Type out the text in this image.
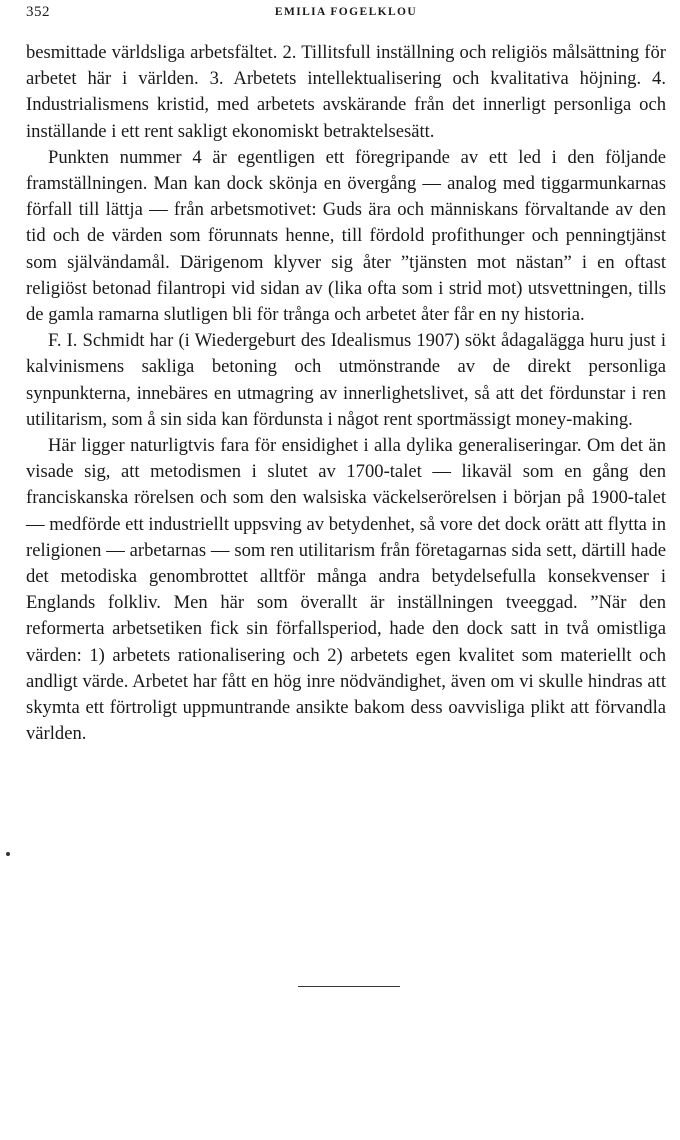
352	EMILIA FOGELKLOU

besmittade världsliga arbetsfältet. 2. Tillitsfull inställning och religiös målsättning för arbetet här i världen. 3. Arbetets intellektualisering och kvalitativa höjning. 4. Industrialismens kristid, med arbetets avskärande från det innerligt personliga och inställande i ett rent sakligt ekonomiskt betraktelsesätt.

Punkten nummer 4 är egentligen ett föregripande av ett led i den följande framställningen. Man kan dock skönja en övergång — analog med tiggarmunkarnas förfall till lättja — från arbetsmotivet: Guds ära och människans förvaltande av den tid och de värden som förunnats henne, till fördold profithunger och penningtjänst som självändamål. Därigenom klyver sig åter ”tjänsten mot nästan” i en oftast religiöst betonad filantropi vid sidan av (lika ofta som i strid mot) utsvettningen, tills de gamla ramarna slutligen bli för trånga och arbetet åter får en ny historia.

F. I. Schmidt har (i Wiedergeburt des Idealismus 1907) sökt ådagalägga huru just i kalvinismens sakliga betoning och utmönstrande av de direkt personliga synpunkterna, innebäres en utmagring av innerlighetslivet, så att det fördunstar i ren utilitarism, som å sin sida kan fördunsta i något rent sportmässigt money-making.

Här ligger naturligtvis fara för ensidighet i alla dylika generaliseringar. Om det än visade sig, att metodismen i slutet av 1700-talet — likaväl som en gång den franciskanska rörelsen och som den walsiska väckelserörelsen i början på 1900-talet — medförde ett industriellt uppsving av betydenhet, så vore det dock orätt att flytta in religionen — arbetarnas — som ren utilitarism från företagarnas sida sett, därtill hade det metodiska genombrottet alltför många andra betydelsefulla konsekvenser i Englands folkliv. Men här som överallt är inställningen tveeggad. ”När den reformerta arbetsetiken fick sin förfallsperiod, hade den dock satt in två omistliga värden: 1) arbetets rationalisering och 2) arbetets egen kvalitet som materiellt och andligt värde. Arbetet har fått en hög inre nödvändighet, även om vi skulle hindras att skymta ett förtroligt uppmuntrande ansikte bakom dess oavvisliga plikt att förvandla världen.
